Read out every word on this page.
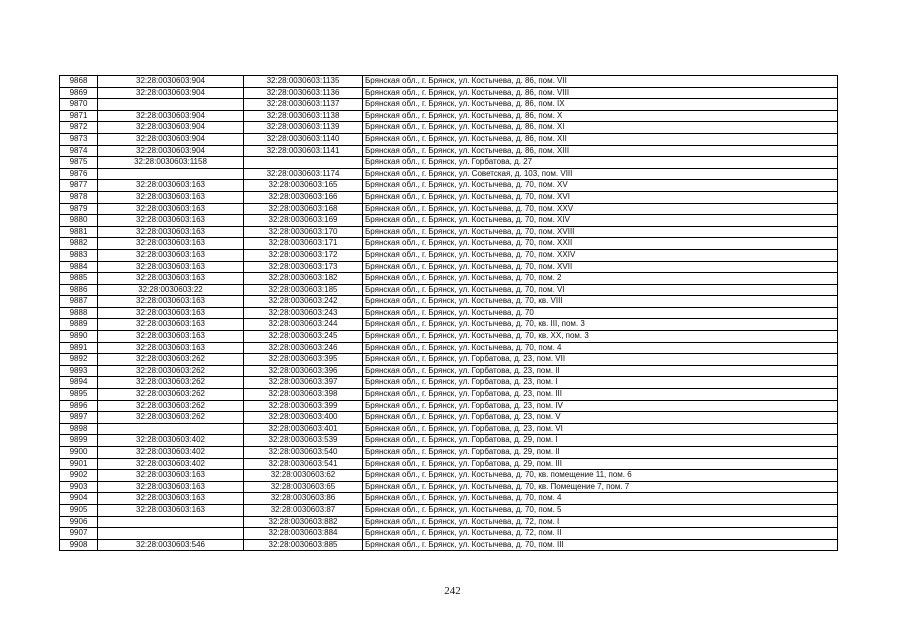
9868	32:28:0030603:904	32:28:0030603:1135	Брянская обл., г. Брянск, ул. Костычева, д. 86, пом. VII
9869	32:28:0030603:904	32:28:0030603:1136	Брянская обл., г. Брянск, ул. Костычева, д. 86, пом. VIII
9870		32:28:0030603:1137	Брянская обл., г. Брянск, ул. Костычева, д. 86, пом. IX
9871	32:28:0030603:904	32:28:0030603:1138	Брянская обл., г. Брянск, ул. Костычева, д. 86, пом. X
9872	32:28:0030603:904	32:28:0030603:1139	Брянская обл., г. Брянск, ул. Костычева, д. 86, пом. XI
9873	32:28:0030603:904	32:28:0030603:1140	Брянская обл., г. Брянск, ул. Костычева, д. 86, пом. XII
9874	32:28:0030603:904	32:28:0030603:1141	Брянская обл., г. Брянск, ул. Костычева, д. 86, пом. XIII
9875	32:28:0030603:1158		Брянская обл., г. Брянск, ул. Горбатова, д. 27
9876		32:28:0030603:1174	Брянская обл., г. Брянск, ул. Советская, д. 103, пом. VIII
9877	32:28:0030603:163	32:28:0030603:165	Брянская обл., г. Брянск, ул. Костычева, д. 70, пом. XV
9878	32:28:0030603:163	32:28:0030603:166	Брянская обл., г. Брянск, ул. Костычева, д. 70, пом. XVI
9879	32:28:0030603:163	32:28:0030603:168	Брянская обл., г. Брянск, ул. Костычева, д. 70, пом. XXV
9880	32:28:0030603:163	32:28:0030603:169	Брянская обл., г. Брянск, ул. Костычева, д. 70, пом. XIV
9881	32:28:0030603:163	32:28:0030603:170	Брянская обл., г. Брянск, ул. Костычева, д. 70, пом. XVIII
9882	32:28:0030603:163	32:28:0030603:171	Брянская обл., г. Брянск, ул. Костычева, д. 70, пом. XXII
9883	32:28:0030603:163	32:28:0030603:172	Брянская обл., г. Брянск, ул. Костычева, д. 70, пом. XXIV
9884	32:28:0030603:163	32:28:0030603:173	Брянская обл., г. Брянск, ул. Костычева, д. 70, пом. XVII
9885	32:28:0030603:163	32:28:0030603:182	Брянская обл., г. Брянск, ул. Костычева, д. 70, пом. 2
9886	32:28:0030603:22	32:28:0030603:185	Брянская обл., г. Брянск, ул. Костычева, д. 70, пом. VI
9887	32:28:0030603:163	32:28:0030603:242	Брянская обл., г. Брянск, ул. Костычева, д. 70, кв. VIII
9888	32:28:0030603:163	32:28:0030603:243	Брянская обл., г. Брянск, ул. Костычева, д. 70
9889	32:28:0030603:163	32:28:0030603:244	Брянская обл., г. Брянск, ул. Костычева, д. 70, кв. III, пом. 3
9890	32:28:0030603:163	32:28:0030603:245	Брянская обл., г. Брянск, ул. Костычева, д. 70, кв. XX, пом. 3
9891	32:28:0030603:163	32:28:0030603:246	Брянская обл., г. Брянск, ул. Костычева, д. 70, пом. 4
9892	32:28:0030603:262	32:28:0030603:395	Брянская обл., г. Брянск, ул. Горбатова, д. 23, пом. VII
9893	32:28:0030603:262	32:28:0030603:396	Брянская обл., г. Брянск, ул. Горбатова, д. 23, пом. II
9894	32:28:0030603:262	32:28:0030603:397	Брянская обл., г. Брянск, ул. Горбатова, д. 23, пом. I
9895	32:28:0030603:262	32:28:0030603:398	Брянская обл., г. Брянск, ул. Горбатова, д. 23, пом. III
9896	32:28:0030603:262	32:28:0030603:399	Брянская обл., г. Брянск, ул. Горбатова, д. 23, пом. IV
9897	32:28:0030603:262	32:28:0030603:400	Брянская обл., г. Брянск, ул. Горбатова, д. 23, пом. V
9898		32:28:0030603:401	Брянская обл., г. Брянск, ул. Горбатова, д. 23, пом. VI
9899	32:28:0030603:402	32:28:0030603:539	Брянская обл., г. Брянск, ул. Горбатова, д. 29, пом. I
9900	32:28:0030603:402	32:28:0030603:540	Брянская обл., г. Брянск, ул. Горбатова, д. 29, пом. II
9901	32:28:0030603:402	32:28:0030603:541	Брянская обл., г. Брянск, ул. Горбатова, д. 29, пом. III
9902	32:28:0030603:163	32:28:0030603:62	Брянская обл., г. Брянск, ул. Костычева, д. 70, кв. помещение 11, пом. 6
9903	32:28:0030603:163	32:28:0030603:65	Брянская обл., г. Брянск, ул. Костычева, д. 70, кв. Помещение 7, пом. 7
9904	32:28:0030603:163	32:28:0030603:86	Брянская обл., г. Брянск, ул. Костычева, д. 70, пом. 4
9905	32:28:0030603:163	32:28:0030603:87	Брянская обл., г. Брянск, ул. Костычева, д. 70, пом. 5
9906		32:28:0030603:882	Брянская обл., г. Брянск, ул. Костычева, д. 72, пом. I
9907		32:28:0030603:884	Брянская обл., г. Брянск, ул. Костычева, д. 72, пом. II
9908	32:28:0030603:546	32:28:0030603:885	Брянская обл., г. Брянск, ул. Костычева, д. 70, пом. III
242
